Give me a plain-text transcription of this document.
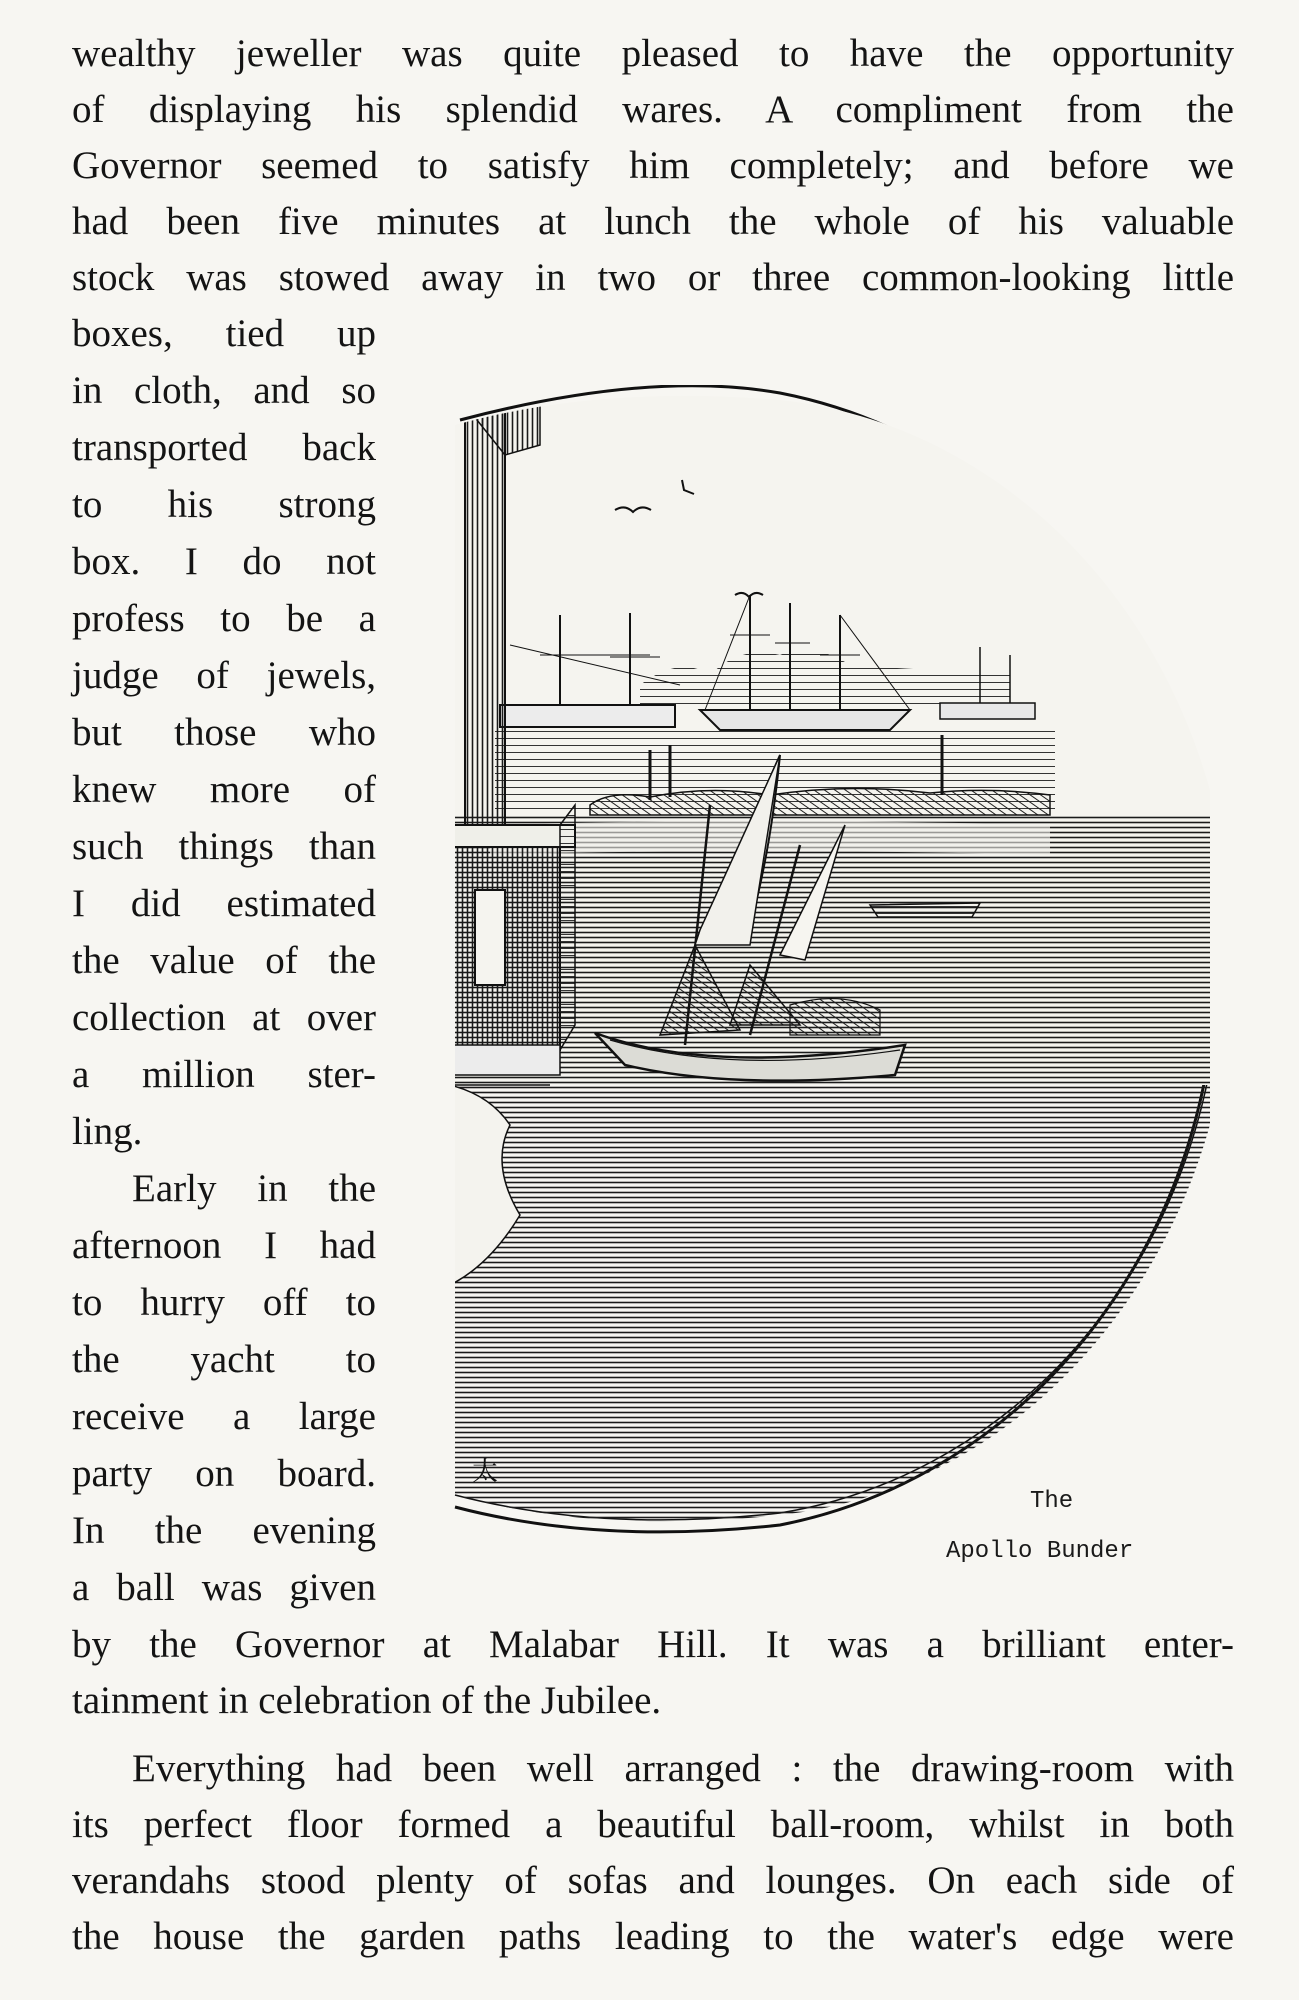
wealthy jeweller was quite pleased to have the opportunity

of displaying his splendid wares. A compliment from the

Governor seemed to satisfy him completely; and before we

had been five minutes at lunch the whole of his valuable

stock was stowed away in two or three common-looking little

boxes, tied up

in cloth, and so

transported back

to his strong

box. I do not

profess to be a

judge of jewels,

but those who

knew more of

such things than

I did estimated

the value of the

collection at over

a million ster-

ling.

Early in the

afternoon I had

to hurry off to

the yacht to

receive a large

party on board.

In the evening

a ball was given

by the Governor at Malabar Hill. It was a brilliant enter-

tainment in celebration of the Jubilee.

Everything had been well arranged : the drawing-room with

its perfect floor formed a beautiful ball-room, whilst in both

verandahs stood plenty of sofas and lounges. On each side of

the house the garden paths leading to the water's edge were

太
The
Apollo Bunder
